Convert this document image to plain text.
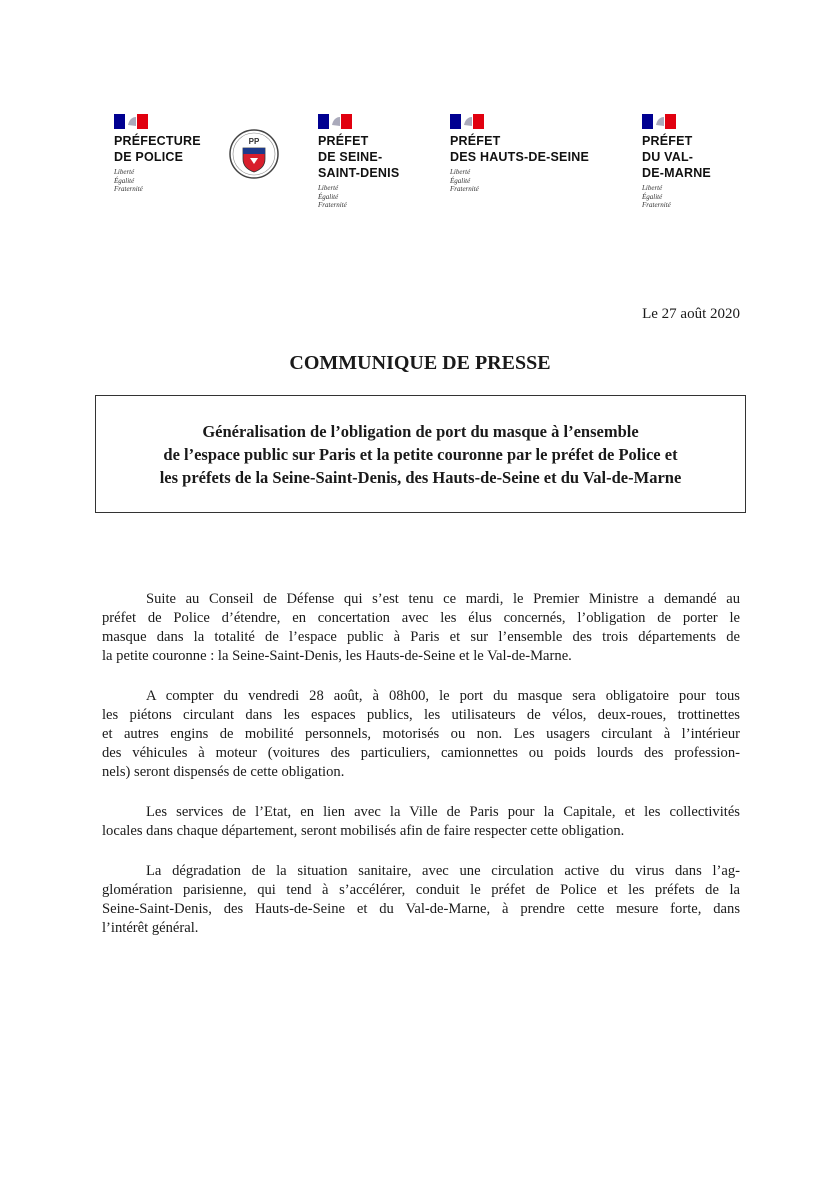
PRÉFECTURE
DE POLICE
Liberté
Égalité
Fraternité
PP	PRÉFET
DE SEINE-
SAINT-DENIS
Liberté
Égalité
Fraternité
PRÉFET
DES HAUTS-DE-SEINE
Liberté
Égalité
Fraternité
PRÉFET
DU VAL-
DE-MARNE
Liberté
Égalité
Fraternité
Le 27 août 2020
COMMUNIQUE DE PRESSE
Généralisation de l’obligation de port du masque à l’ensemble
de l’espace public sur Paris et la petite couronne par le préfet de Police et
les préfets de la Seine-Saint-Denis, des Hauts-de-Seine et du Val-de-Marne
Suite au Conseil de Défense qui s’est tenu ce mardi, le Premier Ministre a demandé au
préfet de Police d’étendre, en concertation avec les élus concernés, l’obligation de porter le
masque dans la totalité de l’espace public à Paris et sur l’ensemble des trois départements de
la petite couronne : la Seine-Saint-Denis, les Hauts-de-Seine et le Val-de-Marne.
A compter du vendredi 28 août, à 08h00, le port du masque sera obligatoire pour tous
les piétons circulant dans les espaces publics, les utilisateurs de vélos, deux-roues, trottinettes
et autres engins de mobilité personnels, motorisés ou non. Les usagers circulant à l’intérieur
des véhicules à moteur (voitures des particuliers, camionnettes ou poids lourds des profession-
nels) seront dispensés de cette obligation.
Les services de l’Etat, en lien avec la Ville de Paris pour la Capitale, et les collectivités
locales dans chaque département, seront mobilisés afin de faire respecter cette obligation.
La dégradation de la situation sanitaire, avec une circulation active du virus dans l’ag-
glomération parisienne, qui tend à s’accélérer, conduit le préfet de Police et les préfets de la
Seine-Saint-Denis, des Hauts-de-Seine et du Val-de-Marne, à prendre cette mesure forte, dans
l’intérêt général.
